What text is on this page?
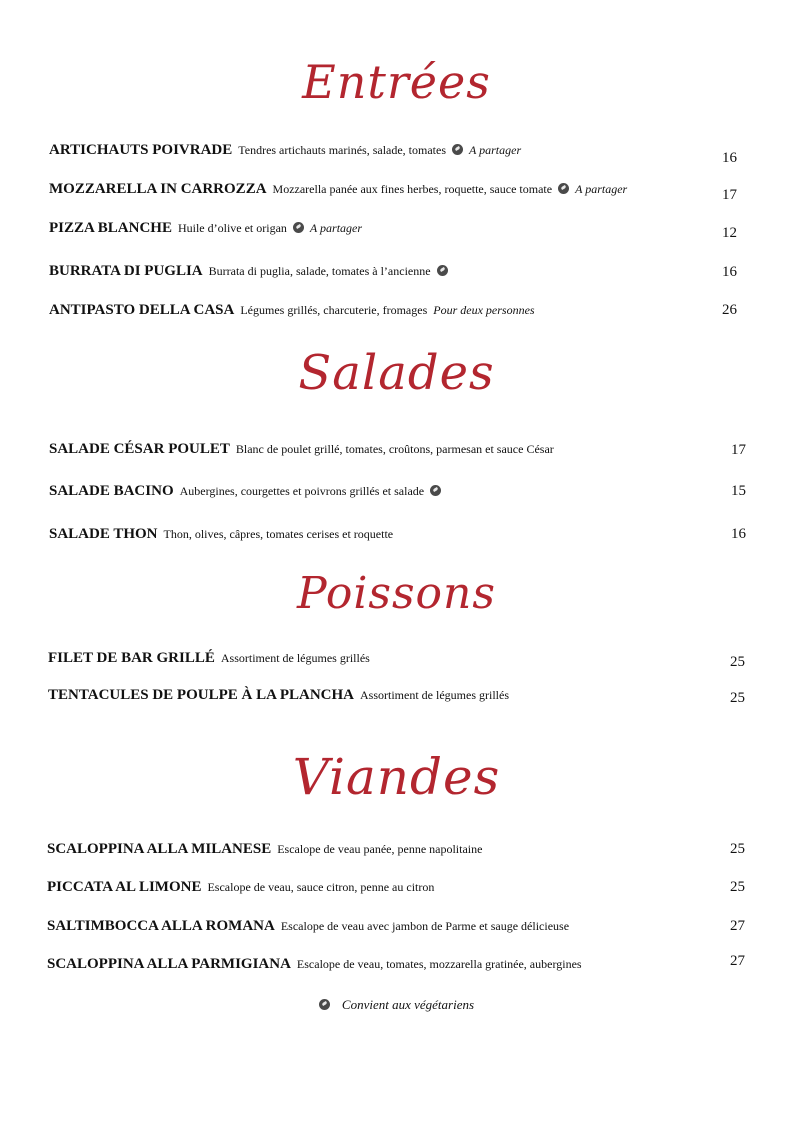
Entrées
ARTICHAUTS POIVRADE Tendres artichauts marinés, salade, tomates A partager	16
MOZZARELLA IN CARROZZA Mozzarella panée aux fines herbes, roquette, sauce tomate A partager	17
PIZZA BLANCHE Huile d’olive et origan A partager	12
BURRATA DI PUGLIA Burrata di puglia, salade, tomates à l’ancienne	16
ANTIPASTO DELLA CASA Légumes grillés, charcuterie, fromages Pour deux personnes	26
Salades
SALADE CÉSAR POULET Blanc de poulet grillé, tomates, croûtons, parmesan et sauce César	17
SALADE BACINO Aubergines, courgettes et poivrons grillés et salade	15
SALADE THON Thon, olives, câpres, tomates cerises et roquette	16
Poissons
FILET DE BAR GRILLÉ Assortiment de légumes grillés	25
TENTACULES DE POULPE À LA PLANCHA Assortiment de légumes grillés	25
Viandes
SCALOPPINA ALLA MILANESE Escalope de veau panée, penne napolitaine	25
PICCATA AL LIMONE Escalope de veau, sauce citron, penne au citron	25
SALTIMBOCCA ALLA ROMANA Escalope de veau avec jambon de Parme et sauge délicieuse	27
SCALOPPINA ALLA PARMIGIANA Escalope de veau, tomates, mozzarella gratinée, aubergines	27
Convient aux végétariens
